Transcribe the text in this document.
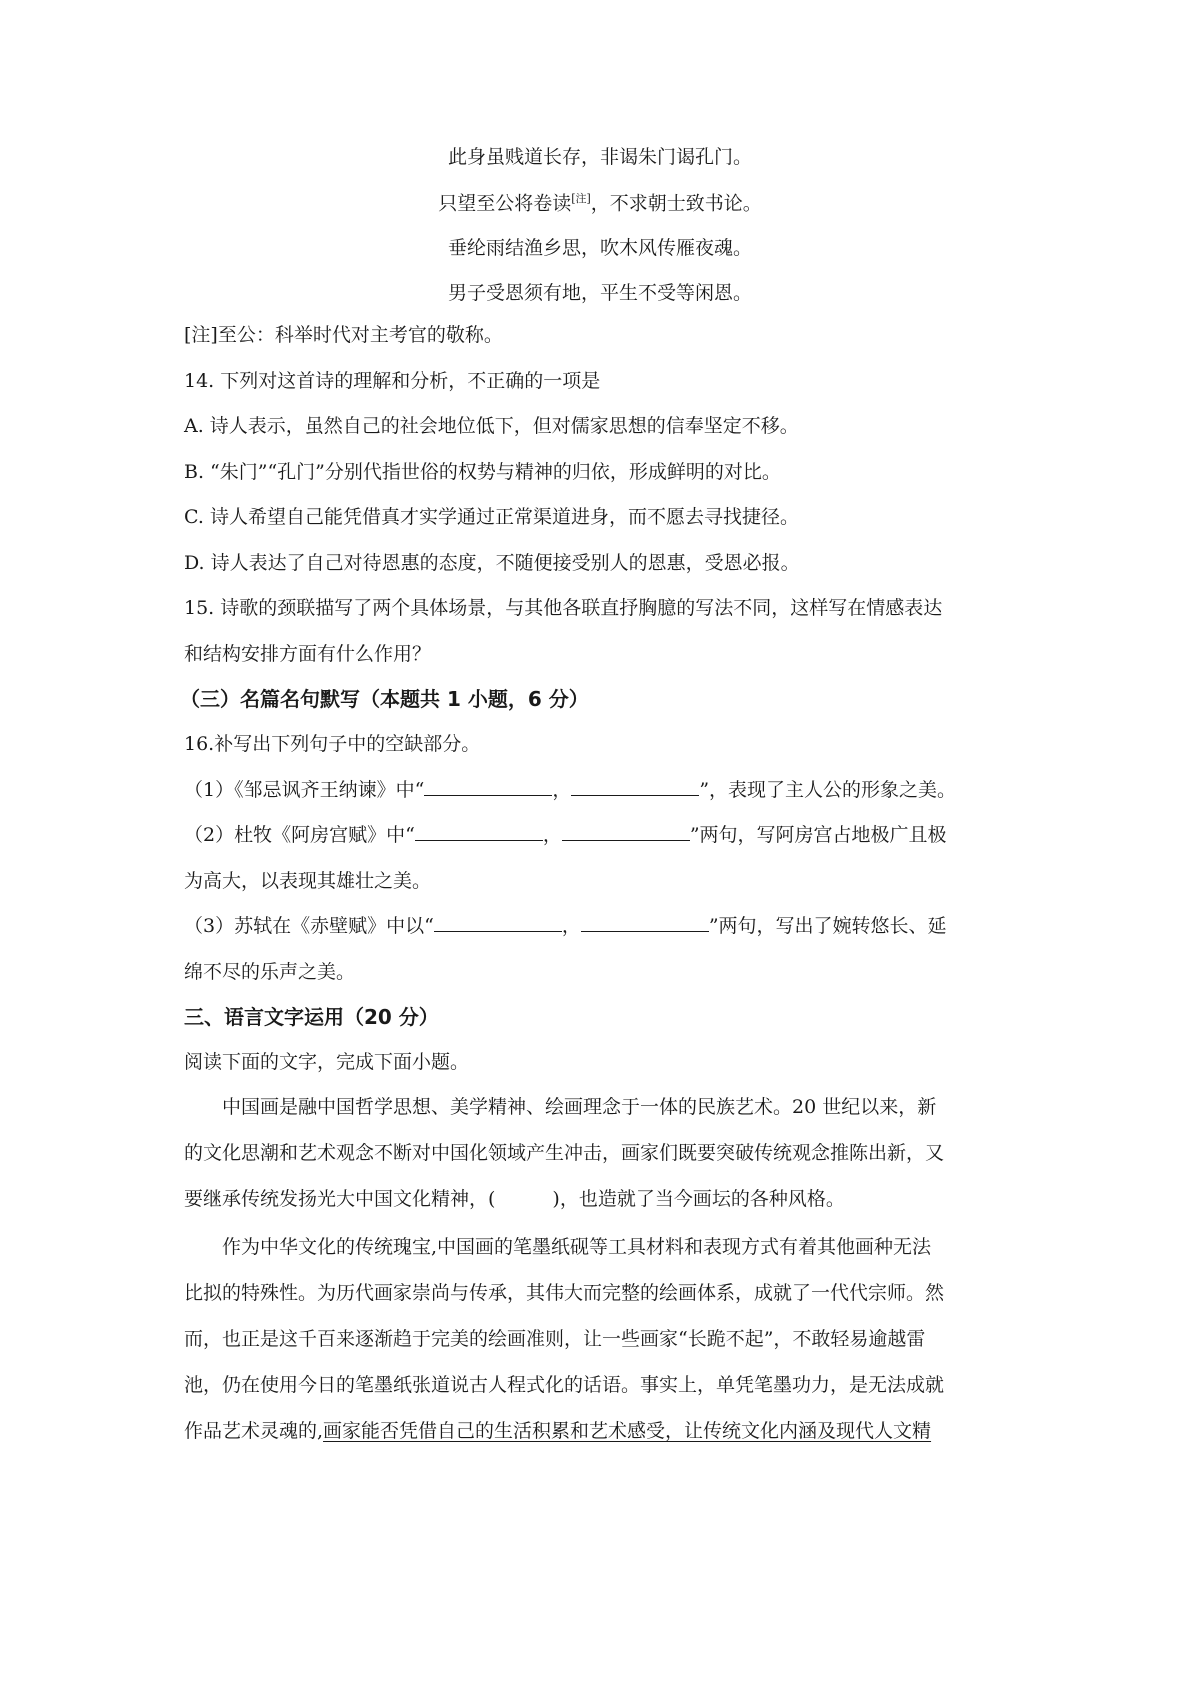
此身虽贱道长存，非谒朱门谒孔门。
只望至公将卷读[注]，不求朝士致书论。
垂纶雨结渔乡思，吹木风传雁夜魂。
男子受恩须有地，平生不受等闲恩。
[注]至公：科举时代对主考官的敬称。
14. 下列对这首诗的理解和分析，不正确的一项是
A. 诗人表示，虽然自己的社会地位低下，但对儒家思想的信奉坚定不移。
B. “朱门”“孔门”分别代指世俗的权势与精神的归依，形成鲜明的对比。
C. 诗人希望自己能凭借真才实学通过正常渠道进身，而不愿去寻找捷径。
D. 诗人表达了自己对待恩惠的态度，不随便接受别人的恩惠，受恩必报。
15. 诗歌的颈联描写了两个具体场景，与其他各联直抒胸臆的写法不同，这样写在情感表达
和结构安排方面有什么作用？
（三）名篇名句默写（本题共 1 小题，6 分）
16.补写出下列句子中的空缺部分。
（1）《邹忌讽齐王纳谏》中“	，	”，表现了主人公的形象之美。
（2）杜牧《阿房宫赋》中“	，	”两句，写阿房宫占地极广且极
为高大，以表现其雄壮之美。
（3）苏轼在《赤壁赋》中以“	，	”两句，写出了婉转悠长、延
绵不尽的乐声之美。
三、语言文字运用（20 分）
阅读下面的文字，完成下面小题。
中国画是融中国哲学思想、美学精神、绘画理念于一体的民族艺术。20 世纪以来，新
的文化思潮和艺术观念不断对中国化领域产生冲击，画家们既要突破传统观念推陈出新，又
要继承传统发扬光大中国文化精神，(　　　)，也造就了当今画坛的各种风格。
作为中华文化的传统瑰宝,中国画的笔墨纸砚等工具材料和表现方式有着其他画种无法
比拟的特殊性。为历代画家崇尚与传承，其伟大而完整的绘画体系，成就了一代代宗师。然
而，也正是这千百来逐渐趋于完美的绘画准则，让一些画家“长跪不起”，不敢轻易逾越雷
池，仍在使用今日的笔墨纸张道说古人程式化的话语。事实上，单凭笔墨功力，是无法成就
作品艺术灵魂的,画家能否凭借自己的生活积累和艺术感受，让传统文化内涵及现代人文精
